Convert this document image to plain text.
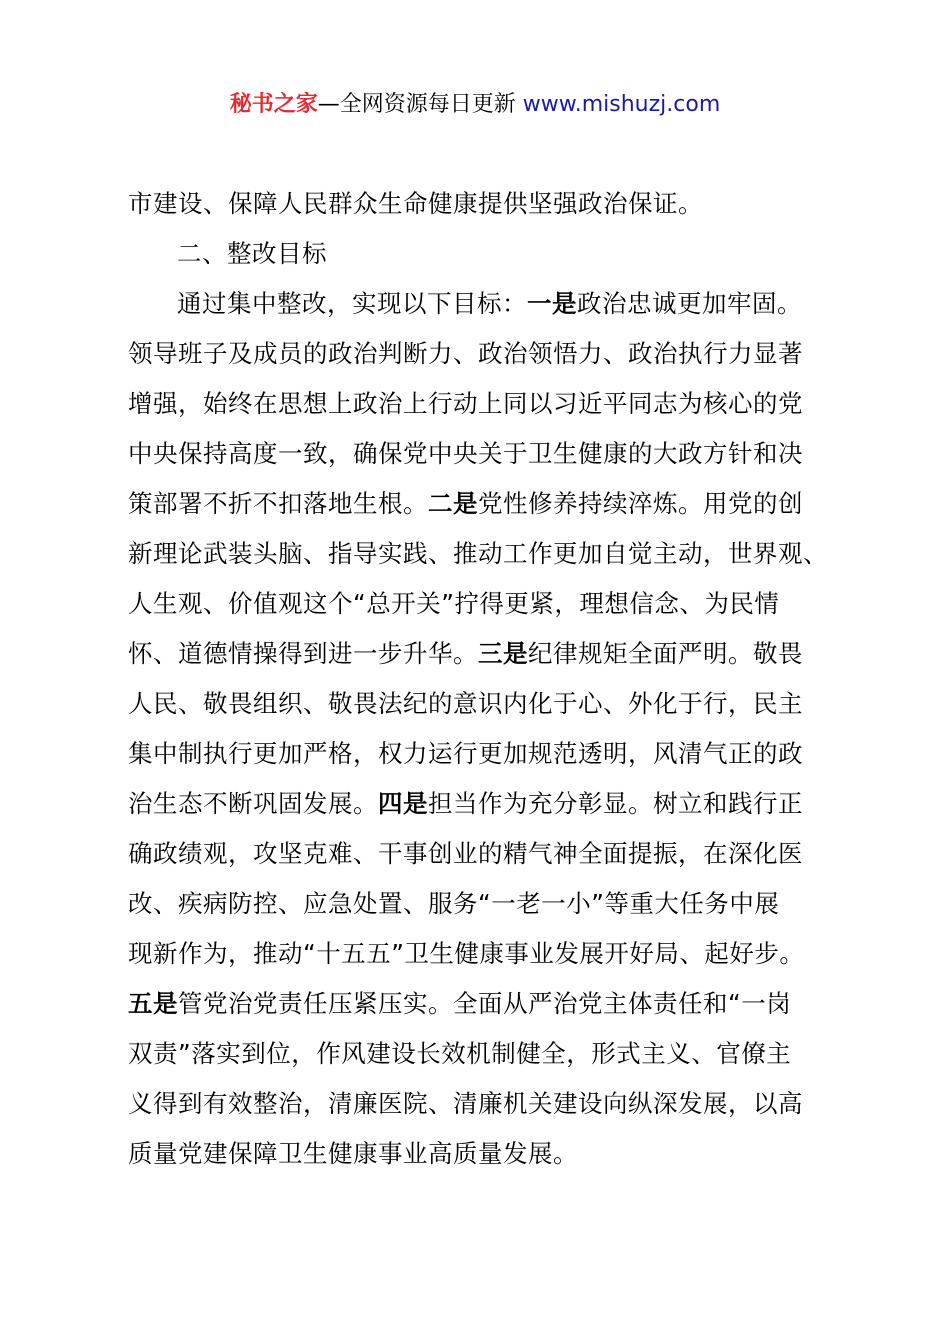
秘书之家—全网资源每日更新 www.mishuzj.com
市建设、保障人民群众生命健康提供坚强政治保证。
二、整改目标
通过集中整改，实现以下目标：一是政治忠诚更加牢固。
领导班子及成员的政治判断力、政治领悟力、政治执行力显著
增强，始终在思想上政治上行动上同以习近平同志为核心的党
中央保持高度一致，确保党中央关于卫生健康的大政方针和决
策部署不折不扣落地生根。二是党性修养持续淬炼。用党的创
新理论武装头脑、指导实践、推动工作更加自觉主动，世界观、
人生观、价值观这个“总开关”拧得更紧，理想信念、为民情
怀、道德情操得到进一步升华。三是纪律规矩全面严明。敬畏
人民、敬畏组织、敬畏法纪的意识内化于心、外化于行，民主
集中制执行更加严格，权力运行更加规范透明，风清气正的政
治生态不断巩固发展。四是担当作为充分彰显。树立和践行正
确政绩观，攻坚克难、干事创业的精气神全面提振，在深化医
改、疾病防控、应急处置、服务“一老一小”等重大任务中展
现新作为，推动“十五五”卫生健康事业发展开好局、起好步。
五是管党治党责任压紧压实。全面从严治党主体责任和“一岗
双责”落实到位，作风建设长效机制健全，形式主义、官僚主
义得到有效整治，清廉医院、清廉机关建设向纵深发展，以高
质量党建保障卫生健康事业高质量发展。
